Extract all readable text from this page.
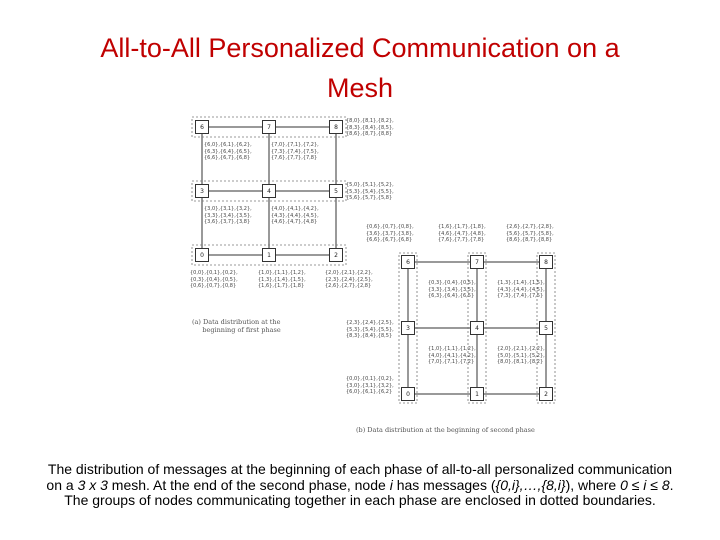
All-to-All Personalized Communication on a
Mesh
6	7	8
3	4	5
0	1	2
{6,0},{6,1},{6,2},
{6,3},{6,4},{6,5},
{6,6},{6,7},{6,8}
{7,0},{7,1},{7,2},
{7,3},{7,4},{7,5},
{7,6},{7,7},{7,8}
{8,0},{8,1},{8,2},
{8,3},{8,4},{8,5},
{8,6},{8,7},{8,8}
{3,0},{3,1},{3,2},
{3,3},{3,4},{3,5},
{3,6},{3,7},{3,8}
{4,0},{4,1},{4,2},
{4,3},{4,4},{4,5},
{4,6},{4,7},{4,8}
{5,0},{5,1},{5,2},
{5,3},{5,4},{5,5},
{5,6},{5,7},{5,8}
{0,0},{0,1},{0,2},
{0,3},{0,4},{0,5},
{0,6},{0,7},{0,8}
{1,0},{1,1},{1,2},
{1,3},{1,4},{1,5},
{1,6},{1,7},{1,8}
{2,0},{2,1},{2,2},
{2,3},{2,4},{2,5},
{2,6},{2,7},{2,8}
(a) Data distribution at the
beginning of first phase
{0,6},{0,7},{0,8},
{3,6},{3,7},{3,8},
{6,6},{6,7},{6,8}
{1,6},{1,7},{1,8},
{4,6},{4,7},{4,8},
{7,6},{7,7},{7,8}
{2,6},{2,7},{2,8},
{5,6},{5,7},{5,8},
{8,6},{8,7},{8,8}
6	7	8
3	4	5
0	1	2
{0,3},{0,4},{0,5},
{3,3},{3,4},{3,5},
{6,3},{6,4},{6,5}
{1,3},{1,4},{1,5},
{4,3},{4,4},{4,5},
{7,3},{7,4},{7,5}
{2,3},{2,4},{2,5},
{5,3},{5,4},{5,5},
{8,3},{8,4},{8,5}
{0,0},{0,1},{0,2},
{3,0},{3,1},{3,2},
{6,0},{6,1},{6,2}
{1,0},{1,1},{1,2},
{4,0},{4,1},{4,2},
{7,0},{7,1},{7,2}
{2,0},{2,1},{2,2},
{5,0},{5,1},{5,2},
{8,0},{8,1},{8,2}
(b) Data distribution at the beginning of second phase
The distribution of messages at the beginning of each phase of all-to-all personalized communication on a 3 x 3 mesh. At the end of the second phase, node i has messages ({0,i},…,{8,i}), where 0 ≤ i ≤ 8. The groups of nodes communicating together in each phase are enclosed in dotted boundaries.
